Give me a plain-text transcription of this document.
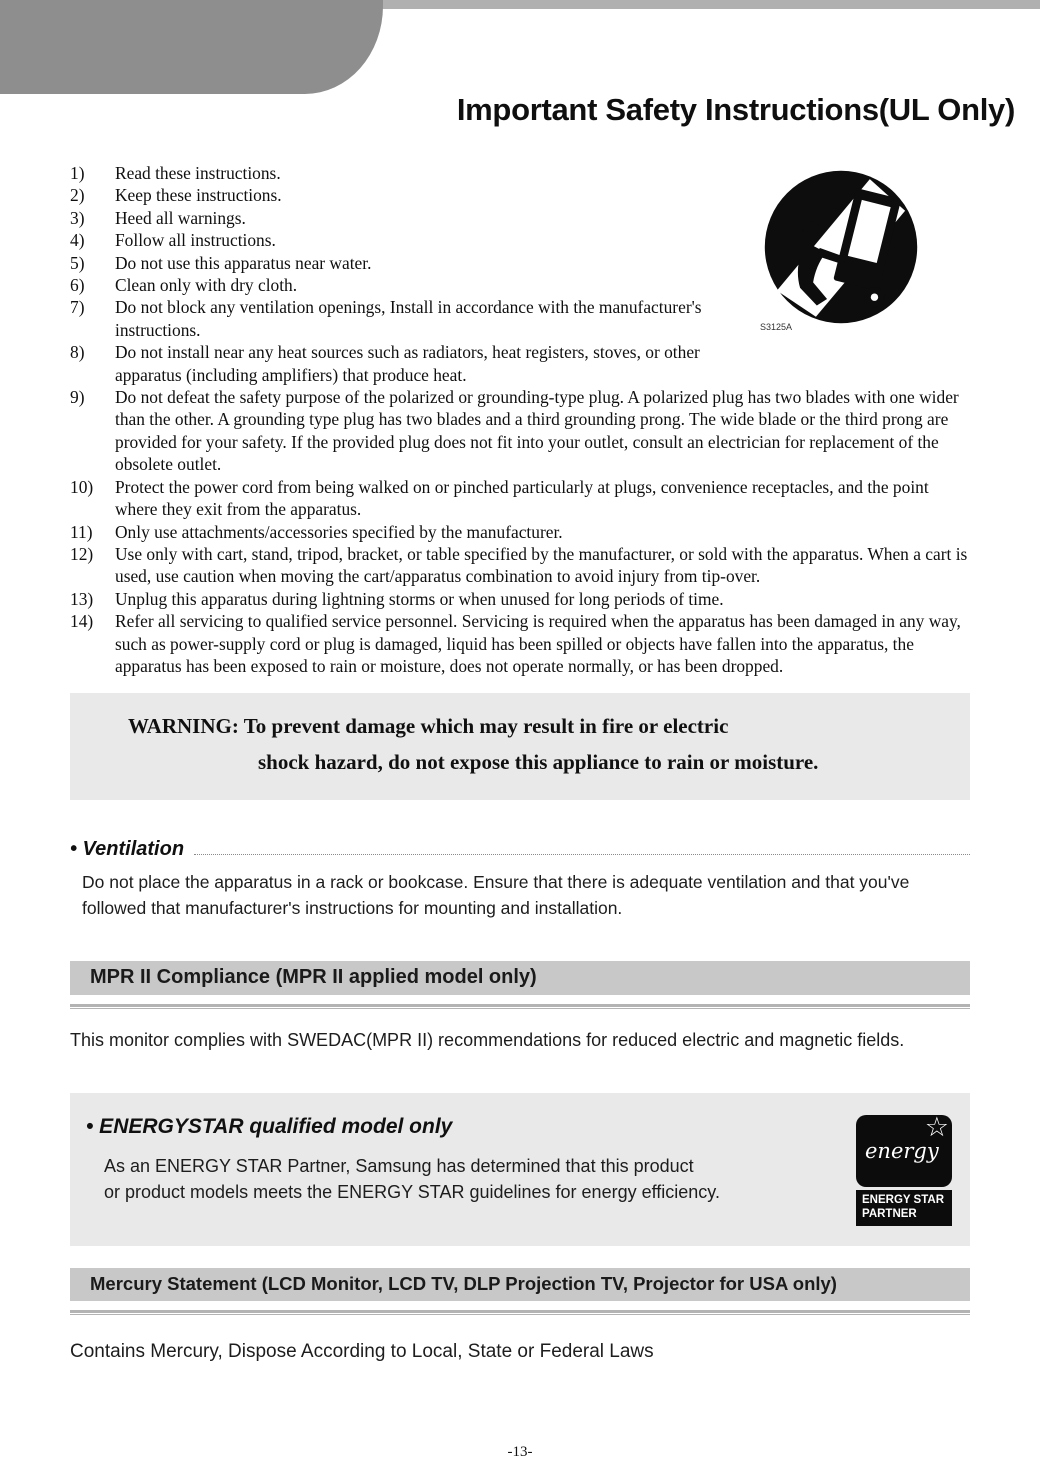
Important Safety Instructions(UL Only)
S3125A
1) Read these instructions.
2) Keep these instructions.
3) Heed all warnings.
4) Follow all instructions.
5) Do not use this apparatus near water.
6) Clean only with dry cloth.
7) Do not block any ventilation openings, Install in accordance with the manufacturer's instructions.
8) Do not install near any heat sources such as radiators, heat registers, stoves, or other apparatus (including amplifiers) that produce heat.
9) Do not defeat the safety purpose of the polarized or grounding-type plug. A polarized plug has two blades with one wider than the other. A grounding type plug has two blades and a third grounding prong. The wide blade or the third prong are provided for your safety. If the provided plug does not fit into your outlet, consult an electrician for replacement of the obsolete outlet.
10) Protect the power cord from being walked on or pinched particularly at plugs, convenience receptacles, and the point where they exit from the apparatus.
11) Only use attachments/accessories specified by the manufacturer.
12) Use only with cart, stand, tripod, bracket, or table specified by the manufacturer, or sold with the apparatus. When a cart is used, use caution when moving the cart/apparatus combination to avoid injury from tip-over.
13) Unplug this apparatus during lightning storms or when unused for long periods of time.
14) Refer all servicing to qualified service personnel. Servicing is required when the apparatus has been damaged in any way, such as power-supply cord or plug is damaged, liquid has been spilled or objects have fallen into the apparatus, the apparatus has been exposed to rain or moisture, does not operate normally, or has been dropped.
WARNING: To prevent damage which may result in fire or electric
shock hazard, do not expose this appliance to rain or moisture.
• Ventilation
Do not place the apparatus in a rack or bookcase. Ensure that there is adequate ventilation and that you've followed that manufacturer's instructions for mounting and installation.
MPR II Compliance (MPR II applied model only)
This monitor complies with SWEDAC(MPR II) recommendations for reduced electric and magnetic fields.
• ENERGYSTAR qualified model only
As an ENERGY STAR Partner, Samsung has determined that this product
or product models meets the ENERGY STAR guidelines for energy efficiency.
energy
☆
ENERGY STAR
PARTNER
Mercury Statement (LCD Monitor, LCD TV, DLP Projection TV, Projector for USA only)
Contains Mercury, Dispose According to Local, State or Federal Laws
-13-
